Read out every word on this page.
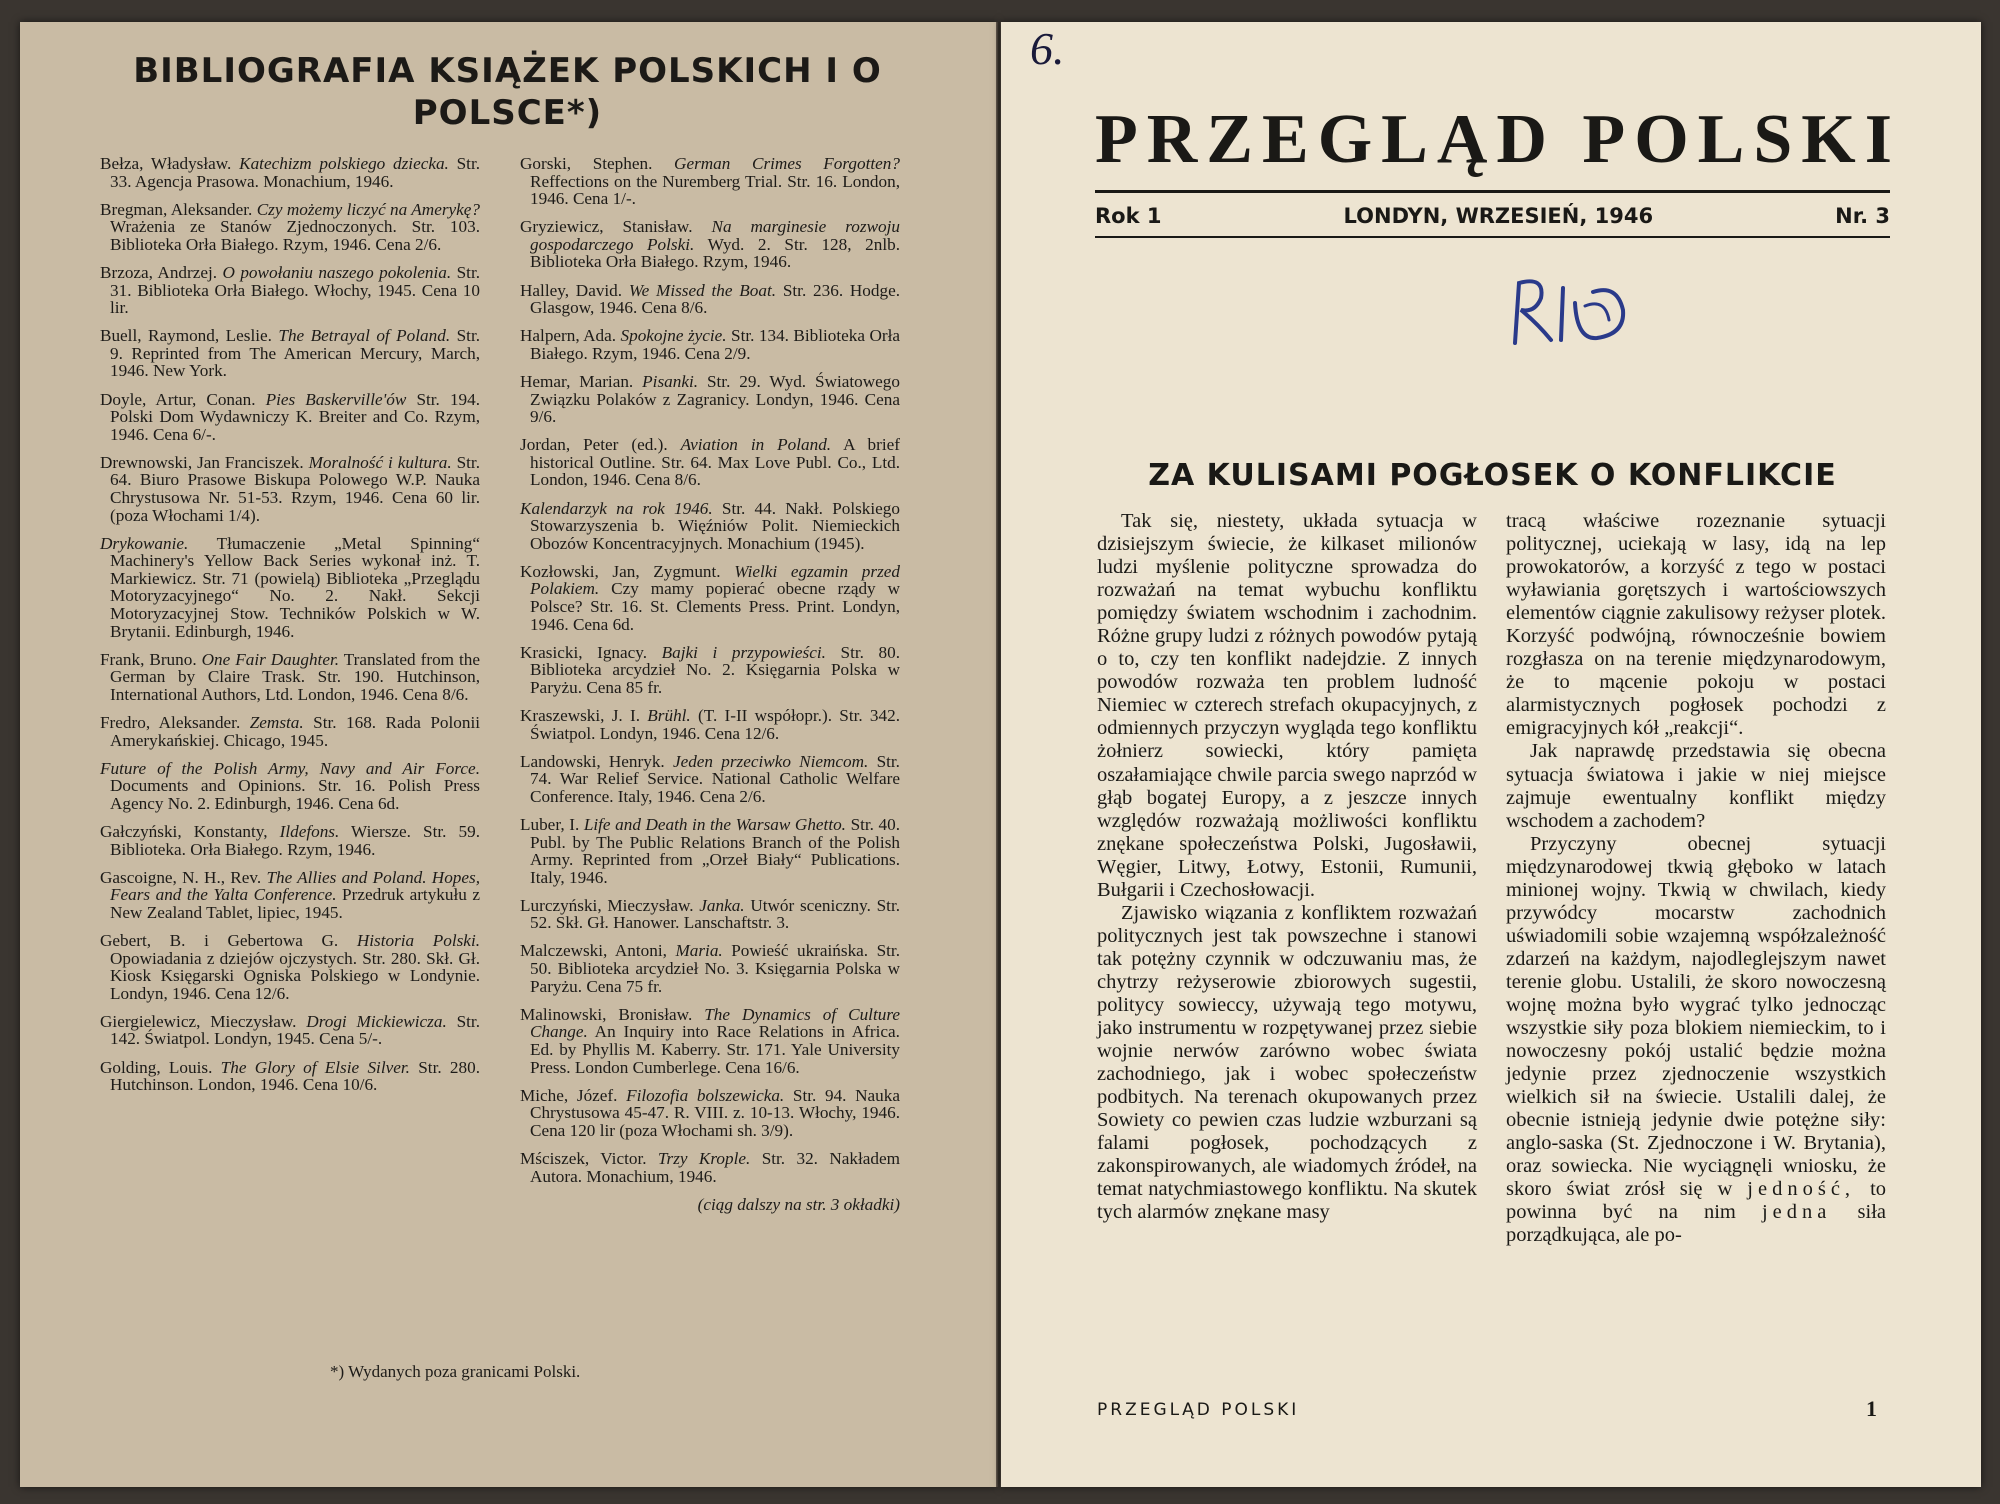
BIBLIOGRAFIA KSIĄŻEK POLSKICH I O POLSCE*)

Bełza, Władysław. Katechizm polskiego dziecka. Str. 33. Agencja Prasowa. Monachium, 1946.

Bregman, Aleksander. Czy możemy liczyć na Amerykę? Wrażenia ze Stanów Zjednoczonych. Str. 103. Biblioteka Orła Białego. Rzym, 1946. Cena 2/6.

Brzoza, Andrzej. O powołaniu naszego pokolenia. Str. 31. Biblioteka Orła Białego. Włochy, 1945. Cena 10 lir.

Buell, Raymond, Leslie. The Betrayal of Poland. Str. 9. Reprinted from The American Mercury, March, 1946. New York.

Doyle, Artur, Conan. Pies Baskerville'ów Str. 194. Polski Dom Wydawniczy K. Breiter and Co. Rzym, 1946. Cena 6/-.

Drewnowski, Jan Franciszek. Moralność i kultura. Str. 64. Biuro Prasowe Biskupa Polowego W.P. Nauka Chrystusowa Nr. 51-53. Rzym, 1946. Cena 60 lir. (poza Włochami 1/4).

Drykowanie. Tłumaczenie „Metal Spinning“ Machinery's Yellow Back Series wykonał inż. T. Markiewicz. Str. 71 (powielą) Biblioteka „Przeglądu Motoryzacyjnego“ No. 2. Nakł. Sekcji Motoryzacyjnej Stow. Techników Polskich w W. Brytanii. Edinburgh, 1946.

Frank, Bruno. One Fair Daughter. Translated from the German by Claire Trask. Str. 190. Hutchinson, International Authors, Ltd. London, 1946. Cena 8/6.

Fredro, Aleksander. Zemsta. Str. 168. Rada Polonii Amerykańskiej. Chicago, 1945.

Future of the Polish Army, Navy and Air Force. Documents and Opinions. Str. 16. Polish Press Agency No. 2. Edinburgh, 1946. Cena 6d.

Gałczyński, Konstanty, Ildefons. Wiersze. Str. 59. Biblioteka. Orła Białego. Rzym, 1946.

Gascoigne, N. H., Rev. The Allies and Poland. Hopes, Fears and the Yalta Conference. Przedruk artykułu z New Zealand Tablet, lipiec, 1945.

Gebert, B. i Gebertowa G. Historia Polski. Opowiadania z dziejów ojczystych. Str. 280. Skł. Gł. Kiosk Księgarski Ogniska Polskiego w Londynie. Londyn, 1946. Cena 12/6.

Giergielewicz, Mieczysław. Drogi Mickiewicza. Str. 142. Światpol. Londyn, 1945. Cena 5/-.

Golding, Louis. The Glory of Elsie Silver. Str. 280. Hutchinson. London, 1946. Cena 10/6.

Gorski, Stephen. German Crimes Forgotten? Reffections on the Nuremberg Trial. Str. 16. London, 1946. Cena 1/-.

Gryziewicz, Stanisław. Na marginesie rozwoju gospodarczego Polski. Wyd. 2. Str. 128, 2nlb. Biblioteka Orła Białego. Rzym, 1946.

Halley, David. We Missed the Boat. Str. 236. Hodge. Glasgow, 1946. Cena 8/6.

Halpern, Ada. Spokojne życie. Str. 134. Biblioteka Orła Białego. Rzym, 1946. Cena 2/9.

Hemar, Marian. Pisanki. Str. 29. Wyd. Światowego Związku Polaków z Zagranicy. Londyn, 1946. Cena 9/6.

Jordan, Peter (ed.). Aviation in Poland. A brief historical Outline. Str. 64. Max Love Publ. Co., Ltd. London, 1946. Cena 8/6.

Kalendarzyk na rok 1946. Str. 44. Nakł. Polskiego Stowarzyszenia b. Więźniów Polit. Niemieckich Obozów Koncentracyjnych. Monachium (1945).

Kozłowski, Jan, Zygmunt. Wielki egzamin przed Polakiem. Czy mamy popierać obecne rządy w Polsce? Str. 16. St. Clements Press. Print. Londyn, 1946. Cena 6d.

Krasicki, Ignacy. Bajki i przypowieści. Str. 80. Biblioteka arcydzieł No. 2. Księgarnia Polska w Paryżu. Cena 85 fr.

Kraszewski, J. I. Brühl. (T. I-II współopr.). Str. 342. Światpol. Londyn, 1946. Cena 12/6.

Landowski, Henryk. Jeden przeciwko Niemcom. Str. 74. War Relief Service. National Catholic Welfare Conference. Italy, 1946. Cena 2/6.

Luber, I. Life and Death in the Warsaw Ghetto. Str. 40. Publ. by The Public Relations Branch of the Polish Army. Reprinted from „Orzeł Biały“ Publications. Italy, 1946.

Lurczyński, Mieczysław. Janka. Utwór sceniczny. Str. 52. Skł. Gł. Hanower. Lanschaftstr. 3.

Malczewski, Antoni, Maria. Powieść ukraińska. Str. 50. Biblioteka arcydzieł No. 3. Księgarnia Polska w Paryżu. Cena 75 fr.

Malinowski, Bronisław. The Dynamics of Culture Change. An Inquiry into Race Relations in Africa. Ed. by Phyllis M. Kaberry. Str. 171. Yale University Press. London Cumberlege. Cena 16/6.

Miche, Józef. Filozofia bolszewicka. Str. 94. Nauka Chrystusowa 45-47. R. VIII. z. 10-13. Włochy, 1946. Cena 120 lir (poza Włochami sh. 3/9).

Mściszek, Victor. Trzy Krople. Str. 32. Nakładem Autora. Monachium, 1946.

(ciąg dalszy na str. 3 okładki)
*) Wydanych poza granicami Polski.
6.
PRZEGLĄD POLSKI
Rok 1	LONDYN, WRZESIEŃ, 1946	Nr. 3
ZA KULISAMI POGŁOSEK O KONFLIKCIE

Tak się, niestety, układa sytuacja w dzisiejszym świecie, że kilkaset milionów ludzi myślenie polityczne sprowadza do rozważań na temat wybuchu konfliktu pomiędzy światem wschodnim i zachodnim. Różne grupy ludzi z różnych powodów pytają o to, czy ten konflikt nadejdzie. Z innych powodów rozważa ten problem ludność Niemiec w czterech strefach okupacyjnych, z odmiennych przyczyn wygląda tego konfliktu żołnierz sowiecki, który pamięta oszałamiające chwile parcia swego naprzód w głąb bogatej Europy, a z jeszcze innych względów rozważają możliwości konfliktu znękane społeczeństwa Polski, Jugosławii, Węgier, Litwy, Łotwy, Estonii, Rumunii, Bułgarii i Czechosłowacji.

Zjawisko wiązania z konfliktem rozważań politycznych jest tak powszechne i stanowi tak potężny czynnik w odczuwaniu mas, że chytrzy reżyserowie zbiorowych sugestii, politycy sowieccy, używają tego motywu, jako instrumentu w rozpętywanej przez siebie wojnie nerwów zarówno wobec świata zachodniego, jak i wobec społeczeństw podbitych. Na terenach okupowanych przez Sowiety co pewien czas ludzie wzburzani są falami pogłosek, pochodzących z zakonspirowanych, ale wiadomych źródeł, na temat natychmiastowego konfliktu. Na skutek tych alarmów znękane masy

tracą właściwe rozeznanie sytuacji politycznej, uciekają w lasy, idą na lep prowokatorów, a korzyść z tego w postaci wyławiania gorętszych i wartościowszych elementów ciągnie zakulisowy reżyser plotek. Korzyść podwójną, równocześnie bowiem rozgłasza on na terenie międzynarodowym, że to mącenie pokoju w postaci alarmistycznych pogłosek pochodzi z emigracyjnych kół „reakcji“.

Jak naprawdę przedstawia się obecna sytuacja światowa i jakie w niej miejsce zajmuje ewentualny konflikt między wschodem a zachodem?

Przyczyny obecnej sytuacji międzynarodowej tkwią głęboko w latach minionej wojny. Tkwią w chwilach, kiedy przywódcy mocarstw zachodnich uświadomili sobie wzajemną współzależność zdarzeń na każdym, najodleglejszym nawet terenie globu. Ustalili, że skoro nowoczesną wojnę można było wygrać tylko jednocząc wszystkie siły poza blokiem niemieckim, to i nowoczesny pokój ustalić będzie można jedynie przez zjednoczenie wszystkich wielkich sił na świecie. Ustalili dalej, że obecnie istnieją jedynie dwie potężne siły: anglo-saska (St. Zjednoczone i W. Brytania), oraz sowiecka. Nie wyciągnęli wniosku, że skoro świat zrósł się w jedność, to powinna być na nim jedna siła porządkująca, ale po-

PRZEGLĄD POLSKI	1
